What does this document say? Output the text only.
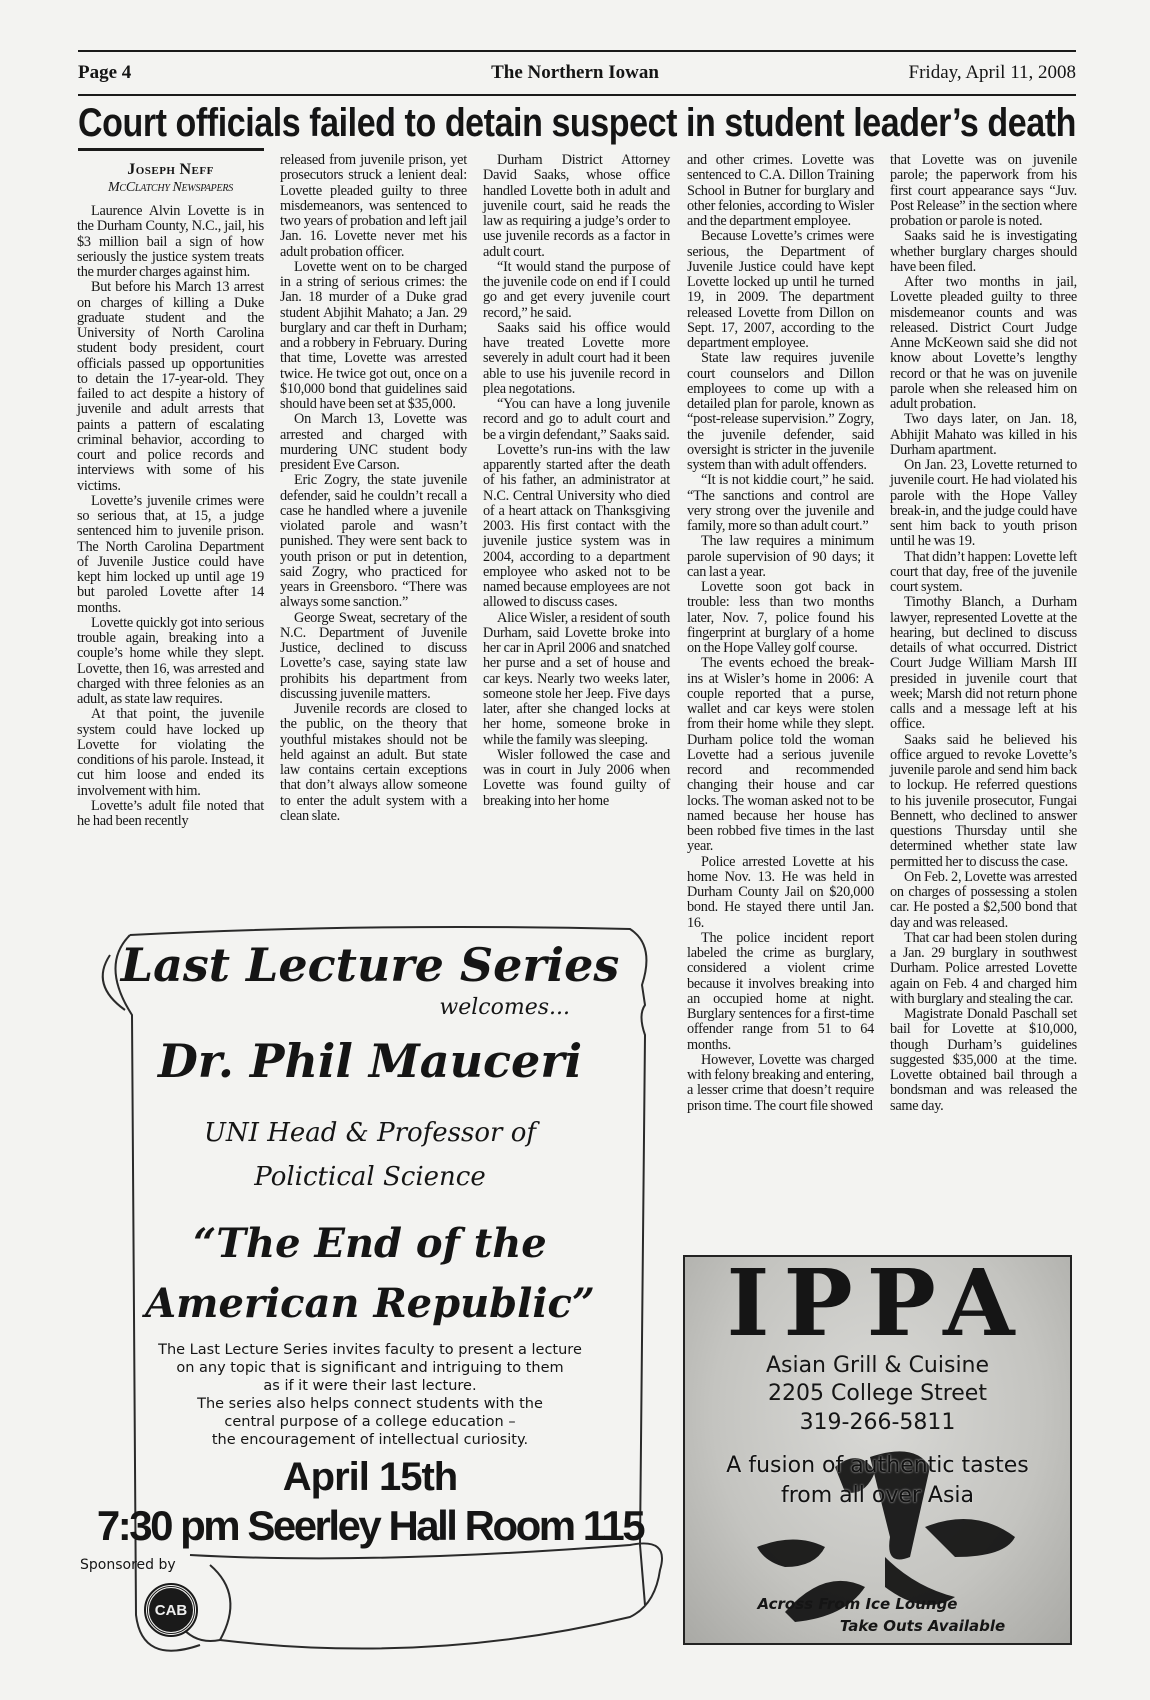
Page 4	The Northern Iowan	Friday, April 11, 2008
Court officials failed to detain suspect in student leader’s death
Joseph Neff
McClatchy Newspapers

Laurence Alvin Lovette is in the Durham County, N.C., jail, his $3 million bail a sign of how seriously the justice system treats the murder charges against him.

But before his March 13 arrest on charges of killing a Duke graduate student and the University of North Carolina student body president, court officials passed up opportunities to detain the 17-year-old. They failed to act despite a history of juvenile and adult arrests that paints a pattern of escalating criminal behavior, according to court and police records and interviews with some of his victims.

Lovette’s juvenile crimes were so serious that, at 15, a judge sentenced him to juvenile prison. The North Carolina Department of Juvenile Justice could have kept him locked up until age 19 but paroled Lovette after 14 months.

Lovette quickly got into serious trouble again, breaking into a couple’s home while they slept. Lovette, then 16, was arrested and charged with three felonies as an adult, as state law requires.

At that point, the juvenile system could have locked up Lovette for violating the conditions of his parole. Instead, it cut him loose and ended its involvement with him.

Lovette’s adult file noted that he had been recently

released from juvenile prison, yet prosecutors struck a lenient deal: Lovette pleaded guilty to three misdemeanors, was sentenced to two years of probation and left jail Jan. 16. Lovette never met his adult probation officer.

Lovette went on to be charged in a string of serious crimes: the Jan. 18 murder of a Duke grad student Abjihit Mahato; a Jan. 29 burglary and car theft in Durham; and a robbery in February. During that time, Lovette was arrested twice. He twice got out, once on a $10,000 bond that guidelines said should have been set at $35,000.

On March 13, Lovette was arrested and charged with murdering UNC student body president Eve Carson.

Eric Zogry, the state juvenile defender, said he couldn’t recall a case he handled where a juvenile violated parole and wasn’t punished. They were sent back to youth prison or put in detention, said Zogry, who practiced for years in Greensboro. “There was always some sanction.”

George Sweat, secretary of the N.C. Department of Juvenile Justice, declined to discuss Lovette’s case, saying state law prohibits his department from discussing juvenile matters.

Juvenile records are closed to the public, on the theory that youthful mistakes should not be held against an adult. But state law contains certain exceptions that don’t always allow someone to enter the adult system with a clean slate.

Durham District Attorney David Saaks, whose office handled Lovette both in adult and juvenile court, said he reads the law as requiring a judge’s order to use juvenile records as a factor in adult court.

“It would stand the purpose of the juvenile code on end if I could go and get every juvenile court record,” he said.

Saaks said his office would have treated Lovette more severely in adult court had it been able to use his juvenile record in plea negotations.

“You can have a long juvenile record and go to adult court and be a virgin defendant,” Saaks said.

Lovette’s run-ins with the law apparently started after the death of his father, an administrator at N.C. Central University who died of a heart attack on Thanksgiving 2003. His first contact with the juvenile justice system was in 2004, according to a department employee who asked not to be named because employees are not allowed to discuss cases.

Alice Wisler, a resident of south Durham, said Lovette broke into her car in April 2006 and snatched her purse and a set of house and car keys. Nearly two weeks later, someone stole her Jeep. Five days later, after she changed locks at her home, someone broke in while the family was sleeping.

Wisler followed the case and was in court in July 2006 when Lovette was found guilty of breaking into her home

and other crimes. Lovette was sentenced to C.A. Dillon Training School in Butner for burglary and other felonies, according to Wisler and the department employee.

Because Lovette’s crimes were serious, the Department of Juvenile Justice could have kept Lovette locked up until he turned 19, in 2009. The department released Lovette from Dillon on Sept. 17, 2007, according to the department employee.

State law requires juvenile court counselors and Dillon employees to come up with a detailed plan for parole, known as “post-release supervision.” Zogry, the juvenile defender, said oversight is stricter in the juvenile system than with adult offenders.

“It is not kiddie court,” he said. “The sanctions and control are very strong over the juvenile and family, more so than adult court.”

The law requires a minimum parole supervision of 90 days; it can last a year.

Lovette soon got back in trouble: less than two months later, Nov. 7, police found his fingerprint at burglary of a home on the Hope Valley golf course.

The events echoed the break-ins at Wisler’s home in 2006: A couple reported that a purse, wallet and car keys were stolen from their home while they slept. Durham police told the woman Lovette had a serious juvenile record and recommended changing their house and car locks. The woman asked not to be named because her house has been robbed five times in the last year.

Police arrested Lovette at his home Nov. 13. He was held in Durham County Jail on $20,000 bond. He stayed there until Jan. 16.

The police incident report labeled the crime as burglary, considered a violent crime because it involves breaking into an occupied home at night. Burglary sentences for a first-time offender range from 51 to 64 months.

However, Lovette was charged with felony breaking and entering, a lesser crime that doesn’t require prison time. The court file showed

that Lovette was on juvenile parole; the paperwork from his first court appearance says “Juv. Post Release” in the section where probation or parole is noted.

Saaks said he is investigating whether burglary charges should have been filed.

After two months in jail, Lovette pleaded guilty to three misdemeanor counts and was released. District Court Judge Anne McKeown said she did not know about Lovette’s lengthy record or that he was on juvenile parole when she released him on adult probation.

Two days later, on Jan. 18, Abhijit Mahato was killed in his Durham apartment.

On Jan. 23, Lovette returned to juvenile court. He had violated his parole with the Hope Valley break-in, and the judge could have sent him back to youth prison until he was 19.

That didn’t happen: Lovette left court that day, free of the juvenile court system.

Timothy Blanch, a Durham lawyer, represented Lovette at the hearing, but declined to discuss details of what occurred. District Court Judge William Marsh III presided in juvenile court that week; Marsh did not return phone calls and a message left at his office.

Saaks said he believed his office argued to revoke Lovette’s juvenile parole and send him back to lockup. He referred questions to his juvenile prosecutor, Fungai Bennett, who declined to answer questions Thursday until she determined whether state law permitted her to discuss the case.

On Feb. 2, Lovette was arrested on charges of possessing a stolen car. He posted a $2,500 bond that day and was released.

That car had been stolen during a Jan. 29 burglary in southwest Durham. Police arrested Lovette again on Feb. 4 and charged him with burglary and stealing the car.

Magistrate Donald Paschall set bail for Lovette at $10,000, though Durham’s guidelines suggested $35,000 at the time. Lovette obtained bail through a bondsman and was released the same day.

Last Lecture Series
welcomes...
Dr. Phil Mauceri
UNI Head & Professor of
Polictical Science
“The End of the
American Republic”
The Last Lecture Series invites faculty to present a lecture
on any topic that is significant and intriguing to them
as if it were their last lecture.
The series also helps connect students with the
central purpose of a college education –
the encouragement of intellectual curiosity.
April 15th
7:30 pm Seerley Hall Room 115
Sponsored by
CAB
IPPA
Asian Grill & Cuisine
2205 College Street
319-266-5811
A fusion of authentic tastes
from all over Asia
Across From Ice Lounge
Take Outs Available
